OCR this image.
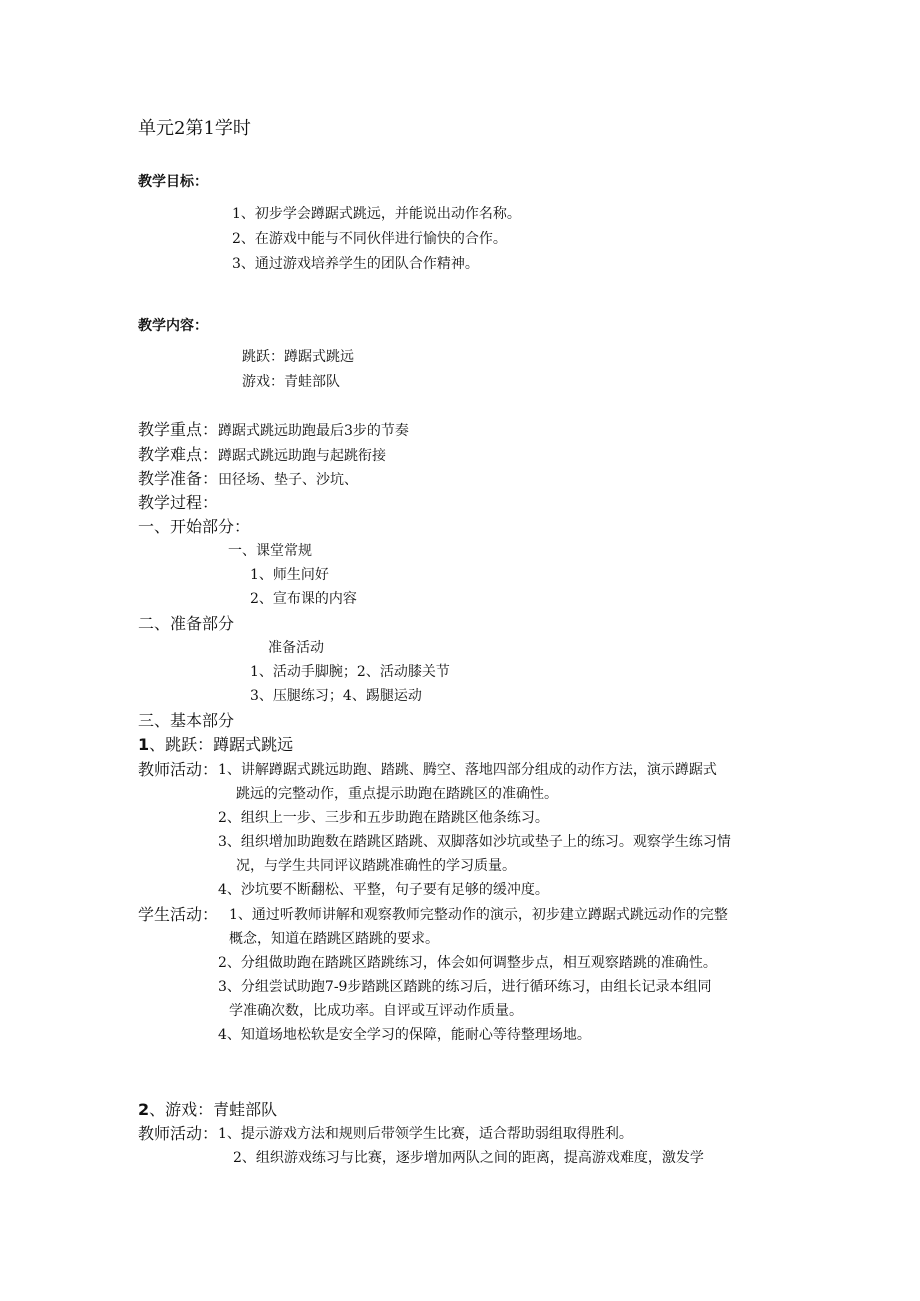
单元2第1学时
教学目标：
1、初步学会蹲踞式跳远，并能说出动作名称。
2、在游戏中能与不同伙伴进行愉快的合作。
3、通过游戏培养学生的团队合作精神。
教学内容：
跳跃：蹲踞式跳远
游戏：青蛙部队
教学重点：蹲踞式跳远助跑最后3步的节奏
教学难点：蹲踞式跳远助跑与起跳衔接
教学准备：田径场、垫子、沙坑、
教学过程：
一、开始部分：
一、课堂常规
1、师生问好
2、宣布课的内容
二、准备部分
准备活动
1、活动手脚腕；2、活动膝关节
3、压腿练习；4、踢腿运动
三、基本部分
1、跳跃：蹲踞式跳远
教师活动： 1、讲解蹲踞式跳远助跑、踏跳、腾空、落地四部分组成的动作方法，演示蹲踞式
跳远的完整动作，重点提示助跑在踏跳区的准确性。
2、组织上一步、三步和五步助跑在踏跳区他条练习。
3、组织增加助跑数在踏跳区踏跳、双脚落如沙坑或垫子上的练习。观察学生练习情
况，与学生共同评议踏跳准确性的学习质量。
4、沙坑要不断翻松、平整，句子要有足够的缓冲度。
学生活动： 1、通过听教师讲解和观察教师完整动作的演示，初步建立蹲踞式跳远动作的完整
概念，知道在踏跳区踏跳的要求。
2、分组做助跑在踏跳区踏跳练习，体会如何调整步点，相互观察踏跳的准确性。
3、分组尝试助跑7-9步踏跳区踏跳的练习后，进行循环练习，由组长记录本组同
学准确次数，比成功率。自评或互评动作质量。
4、知道场地松软是安全学习的保障，能耐心等待整理场地。
2、游戏：青蛙部队
教师活动： 1、提示游戏方法和规则后带领学生比赛，适合帮助弱组取得胜利。
2、组织游戏练习与比赛，逐步增加两队之间的距离，提高游戏难度，激发学
